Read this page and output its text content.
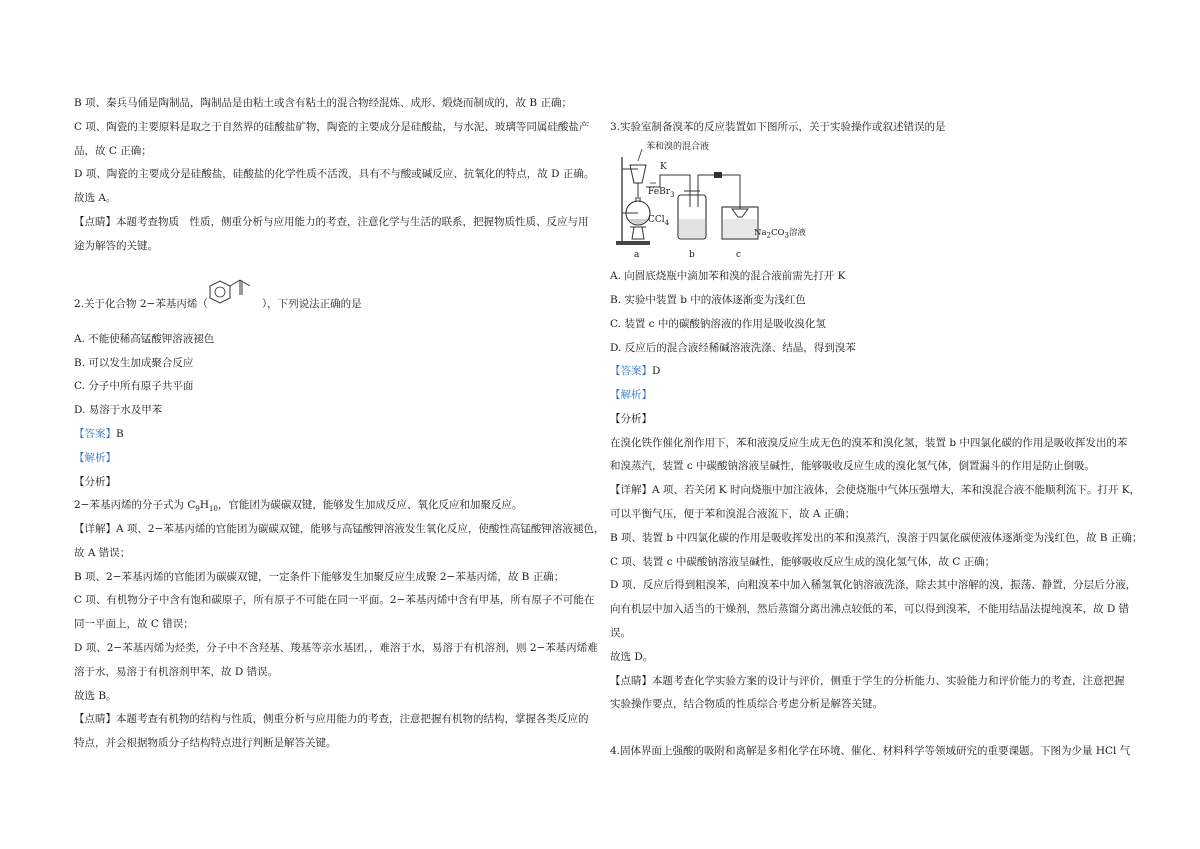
B 项、秦兵马俑是陶制品，陶制品是由粘土或含有粘土的混合物经混炼、成形、煅烧而制成的，故 B 正确；

C 项、陶瓷的主要原料是取之于自然界的硅酸盐矿物，陶瓷的主要成分是硅酸盐，与水泥、玻璃等同属硅酸盐产

品，故 C 正确；

D 项、陶瓷的主要成分是硅酸盐，硅酸盐的化学性质不活泼，具有不与酸或碱反应、抗氧化的特点，故 D 正确。

故选 A。

【点睛】本题考查物质　性质，侧重分析与应用能力的考查，注意化学与生活的联系，把握物质性质、反应与用

途为解答的关键。

2.关于化合物 2−苯基丙烯（	），下列说法正确的是

A. 不能使稀高锰酸钾溶液褪色

B. 可以发生加成聚合反应

C. 分子中所有原子共平面

D. 易溶于水及甲苯

【答案】B

【解析】

【分析】

2−苯基丙烯的分子式为 $C_9H_{10}$，官能团为碳碳双键，能够发生加成反应、氧化反应和加聚反应。

【详解】A 项、2−苯基丙烯的官能团为碳碳双键，能够与高锰酸钾溶液发生氧化反应，使酸性高锰酸钾溶液褪色，

故 A 错误；

B 项、2−苯基丙烯的官能团为碳碳双键，一定条件下能够发生加聚反应生成聚 2−苯基丙烯，故 B 正确；

C 项、有机物分子中含有饱和碳原子，所有原子不可能在同一平面。2−苯基丙烯中含有甲基，所有原子不可能在

同一平面上，故 C 错误；

D 项、2−苯基丙烯为烃类，分子中不含羟基、羧基等亲水基团，，难溶于水，易溶于有机溶剂，则 2−苯基丙烯难

溶于水，易溶于有机溶剂甲苯，故 D 错误。

故选 B。

【点睛】本题考查有机物的结构与性质，侧重分析与应用能力的考查，注意把握有机物的结构，掌握各类反应的

特点，并会根据物质分子结构特点进行判断是解答关键。

3.实验室制备溴苯的反应装置如下图所示，关于实验操作或叙述错误的是

苯和溴的混合液
K
FeBr$_3$
CCl$_4$
$Na_2CO_3$溶液
a	b	c

A. 向圆底烧瓶中滴加苯和溴的混合液前需先打开 K

B. 实验中装置 b 中的液体逐渐变为浅红色

C. 装置 c 中的碳酸钠溶液的作用是吸收溴化氢

D. 反应后的混合液经稀碱溶液洗涤、结晶，得到溴苯

【答案】D

【解析】

【分析】

在溴化铁作催化剂作用下，苯和液溴反应生成无色的溴苯和溴化氢，装置 b 中四氯化碳的作用是吸收挥发出的苯

和溴蒸汽，装置 c 中碳酸钠溶液呈碱性，能够吸收反应生成的溴化氢气体，倒置漏斗的作用是防止倒吸。

【详解】A 项、若关闭 K 时向烧瓶中加注液体，会使烧瓶中气体压强增大，苯和溴混合液不能顺利流下。打开 K，

可以平衡气压，便于苯和溴混合液流下，故 A 正确；

B 项、装置 b 中四氯化碳的作用是吸收挥发出的苯和溴蒸汽，溴溶于四氯化碳使液体逐渐变为浅红色，故 B 正确；

C 项、装置 c 中碳酸钠溶液呈碱性，能够吸收反应生成的溴化氢气体，故 C 正确；

D 项、反应后得到粗溴苯，向粗溴苯中加入稀氢氧化钠溶液洗涤，除去其中溶解的溴，振荡、静置，分层后分液，

向有机层中加入适当的干燥剂，然后蒸馏分离出沸点较低的苯，可以得到溴苯，不能用结晶法提纯溴苯，故 D 错

误。

故选 D。

【点睛】本题考查化学实验方案的设计与评价，侧重于学生的分析能力、实验能力和评价能力的考查，注意把握

实验操作要点，结合物质的性质综合考虑分析是解答关键。

4.固体界面上强酸的吸附和离解是多相化学在环境、催化、材料科学等领域研究的重要课题。下图为少量 HCl 气
